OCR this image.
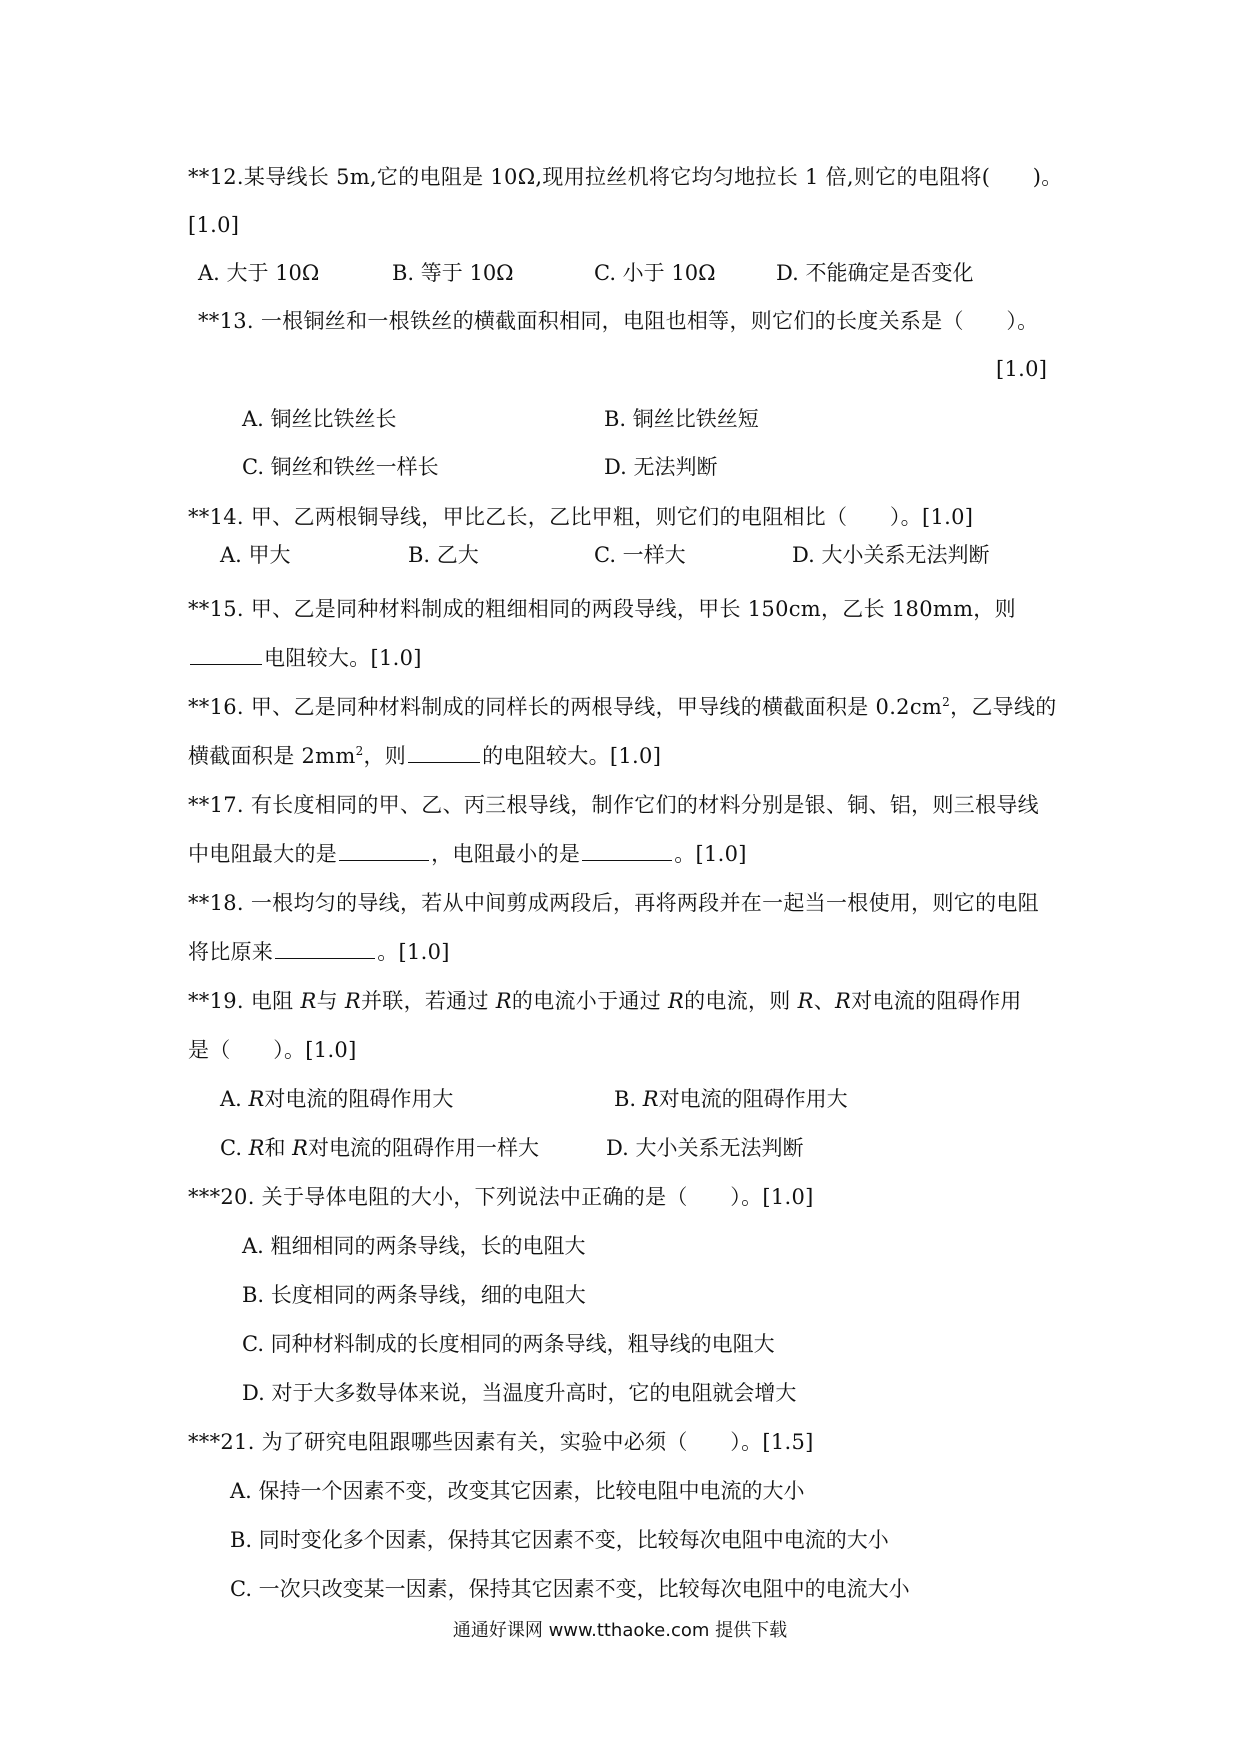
**12.某导线长 5m,它的电阻是 10Ω,现用拉丝机将它均匀地拉长 1 倍,则它的电阻将(　　)。
[1.0]
A. 大于 10Ω	B. 等于 10Ω	C. 小于 10Ω	D. 不能确定是否变化
**13. 一根铜丝和一根铁丝的横截面积相同，电阻也相等，则它们的长度关系是（　　）。
[1.0]
A. 铜丝比铁丝长	B. 铜丝比铁丝短
C. 铜丝和铁丝一样长	D. 无法判断
**14. 甲、乙两根铜导线，甲比乙长，乙比甲粗，则它们的电阻相比（　　）。[1.0]
A. 甲大	B. 乙大	C. 一样大	D. 大小关系无法判断
**15. 甲、乙是同种材料制成的粗细相同的两段导线，甲长 150cm，乙长 180mm，则
电阻较大。[1.0]
**16. 甲、乙是同种材料制成的同样长的两根导线，甲导线的横截面积是 $0.2cm^2$，乙导线的
横截面积是 $2mm^2$，则	的电阻较大。[1.0]
**17. 有长度相同的甲、乙、丙三根导线，制作它们的材料分别是银、铜、铝，则三根导线
中电阻最大的是	，电阻最小的是	。[1.0]
**18. 一根均匀的导线，若从中间剪成两段后，再将两段并在一起当一根使用，则它的电阻
将比原来	。[1.0]
**19. 电阻 R与 R并联，若通过 R的电流小于通过 R的电流，则 R、R对电流的阻碍作用
是（　　）。[1.0]
A. R对电流的阻碍作用大	B. R对电流的阻碍作用大
C. R和 R对电流的阻碍作用一样大	D. 大小关系无法判断
***20. 关于导体电阻的大小，下列说法中正确的是（　　）。[1.0]
A. 粗细相同的两条导线，长的电阻大
B. 长度相同的两条导线，细的电阻大
C. 同种材料制成的长度相同的两条导线，粗导线的电阻大
D. 对于大多数导体来说，当温度升高时，它的电阻就会增大
***21. 为了研究电阻跟哪些因素有关，实验中必须（　　）。[1.5]
A. 保持一个因素不变，改变其它因素，比较电阻中电流的大小
B. 同时变化多个因素，保持其它因素不变，比较每次电阻中电流的大小
C. 一次只改变某一因素，保持其它因素不变，比较每次电阻中的电流大小
通通好课网 www.tthaoke.com 提供下载
